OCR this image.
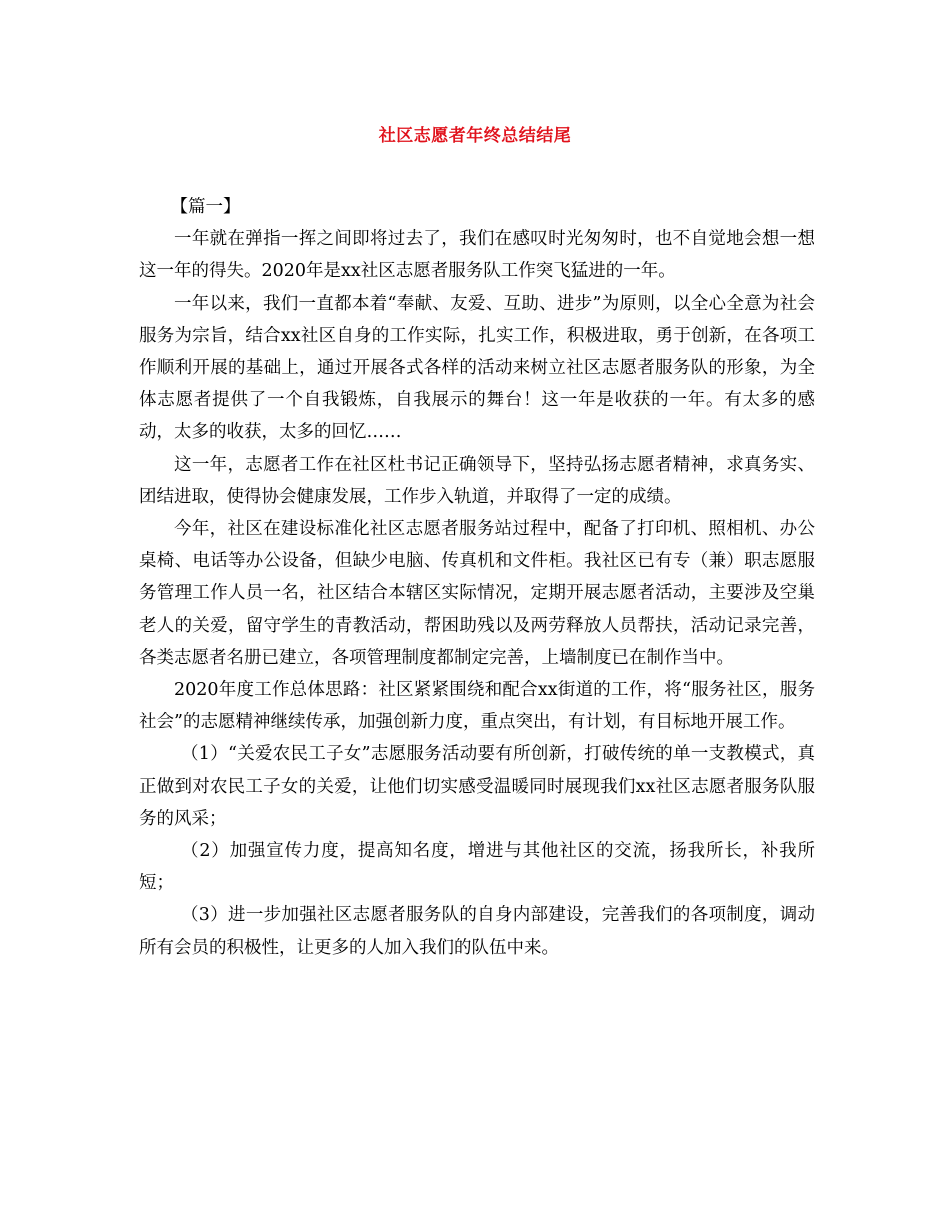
社区志愿者年终总结结尾

【篇一】

一年就在弹指一挥之间即将过去了，我们在感叹时光匆匆时，也不自觉地会想一想这一年的得失。2020年是xx社区志愿者服务队工作突飞猛进的一年。

一年以来，我们一直都本着“奉献、友爱、互助、进步”为原则，以全心全意为社会服务为宗旨，结合xx社区自身的工作实际，扎实工作，积极进取，勇于创新，在各项工作顺利开展的基础上，通过开展各式各样的活动来树立社区志愿者服务队的形象，为全体志愿者提供了一个自我锻炼，自我展示的舞台！这一年是收获的一年。有太多的感动，太多的收获，太多的回忆……

这一年，志愿者工作在社区杜书记正确领导下，坚持弘扬志愿者精神，求真务实、团结进取，使得协会健康发展，工作步入轨道，并取得了一定的成绩。

今年，社区在建设标准化社区志愿者服务站过程中，配备了打印机、照相机、办公桌椅、电话等办公设备，但缺少电脑、传真机和文件柜。我社区已有专（兼）职志愿服务管理工作人员一名，社区结合本辖区实际情况，定期开展志愿者活动，主要涉及空巢老人的关爱，留守学生的青教活动，帮困助残以及两劳释放人员帮扶，活动记录完善，各类志愿者名册已建立，各项管理制度都制定完善，上墙制度已在制作当中。

2020年度工作总体思路：社区紧紧围绕和配合xx街道的工作，将“服务社区，服务社会”的志愿精神继续传承，加强创新力度，重点突出，有计划，有目标地开展工作。

（1）“关爱农民工子女”志愿服务活动要有所创新，打破传统的单一支教模式，真正做到对农民工子女的关爱，让他们切实感受温暖同时展现我们xx社区志愿者服务队服务的风采；

（2）加强宣传力度，提高知名度，增进与其他社区的交流，扬我所长，补我所短；

（3）进一步加强社区志愿者服务队的自身内部建设，完善我们的各项制度，调动所有会员的积极性，让更多的人加入我们的队伍中来。
